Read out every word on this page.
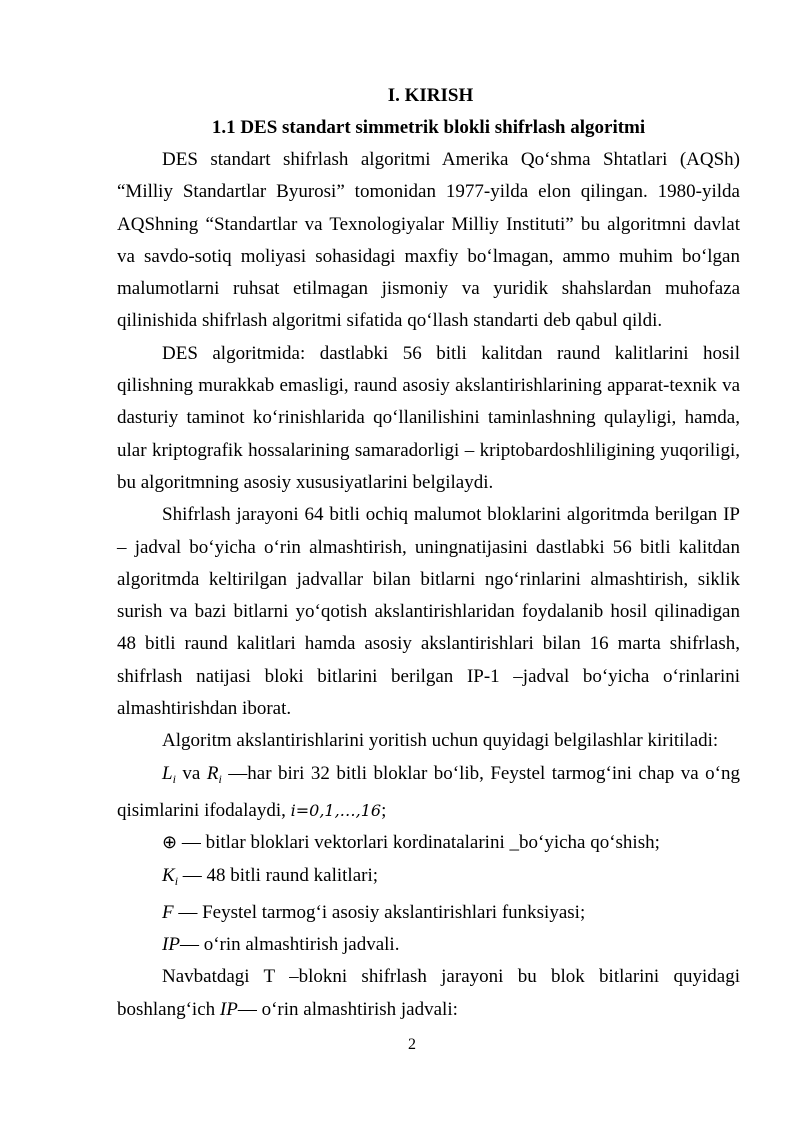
I. KIRISH
1.1 DES standart simmetrik blokli shifrlash algoritmi

DES standart shifrlash algoritmi Amerika Qo‘shma Shtatlari (AQSh) “Milliy Standartlar Byurosi” tomonidan 1977-yilda elon qilingan. 1980-yilda AQShning “Standartlar va Texnologiyalar Milliy Instituti” bu algoritmni davlat va savdo-sotiq moliyasi sohasidagi maxfiy bo‘lmagan, ammo muhim bo‘lgan malumotlarni ruhsat etilmagan jismoniy va yuridik shahslardan muhofaza qilinishida shifrlash algoritmi sifatida qo‘llash standarti deb qabul qildi.

DES algoritmida: dastlabki 56 bitli kalitdan raund kalitlarini hosil qilishning murakkab emasligi, raund asosiy akslantirishlarining apparat-texnik va dasturiy taminot ko‘rinishlarida qo‘llanilishini taminlashning qulayligi, hamda, ular kriptografik hossalarining samaradorligi – kriptobardoshliligining yuqoriligi, bu algoritmning asosiy xususiyatlarini belgilaydi.

Shifrlash jarayoni 64 bitli ochiq malumot bloklarini algoritmda berilgan IP – jadval bo‘yicha o‘rin almashtirish, uningnatijasini dastlabki 56 bitli kalitdan algoritmda keltirilgan jadvallar bilan bitlarni ngo‘rinlarini almashtirish, siklik surish va bazi bitlarni yo‘qotish akslantirishlaridan foydalanib hosil qilinadigan 48 bitli raund kalitlari hamda asosiy akslantirishlari bilan 16 marta shifrlash, shifrlash natijasi bloki bitlarini berilgan IP-1 –jadval bo‘yicha o‘rinlarini almashtirishdan iborat.

Algoritm akslantirishlarini yoritish uchun quyidagi belgilashlar kiritiladi:

$L_i$ va $R_i$ —har biri 32 bitli bloklar bo‘lib, Feystel tarmog‘ini chap va o‘ng qisimlarini ifodalaydi, i=0,1,…,16;

⊕ — bitlar bloklari vektorlari kordinatalarini _bo‘yicha qo‘shish;

$K_i$ — 48 bitli raund kalitlari;

F — Feystel tarmog‘i asosiy akslantirishlari funksiyasi;

IP— o‘rin almashtirish jadvali.

Navbatdagi T –blokni shifrlash jarayoni bu blok bitlarini quyidagi boshlang‘ich IP— o‘rin almashtirish jadvali:

2
